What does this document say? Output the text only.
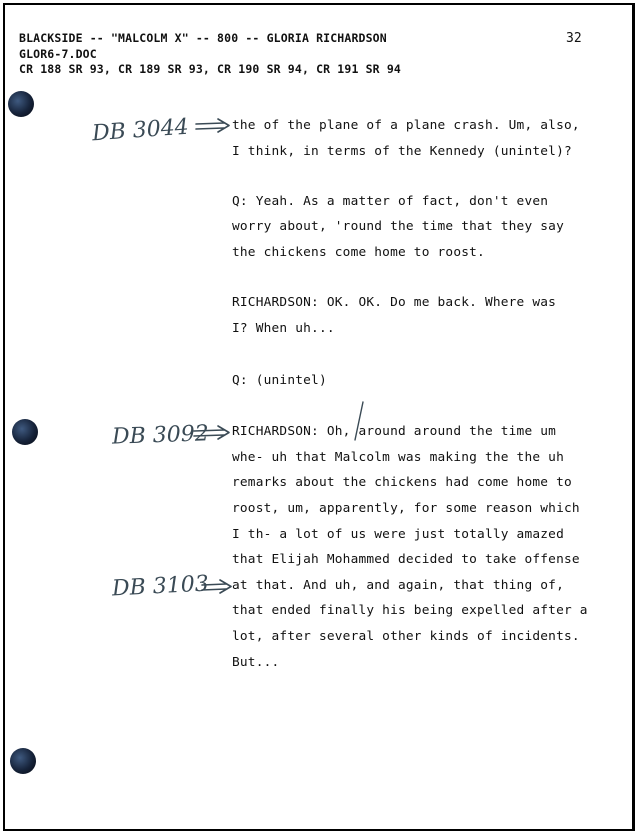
BLACKSIDE -- "MALCOLM X" -- 800 -- GLORIA RICHARDSON
GLOR6-7.DOC
CR 188 SR 93, CR 189 SR 93, CR 190 SR 94, CR 191 SR 94
32
the of the plane of a plane crash. Um, also,
I think, in terms of the Kennedy (unintel)?
Q: Yeah. As a matter of fact, don't even
worry about, 'round the time that they say
the chickens come home to roost.
RICHARDSON: OK. OK. Do me back. Where was
I? When uh...
Q: (unintel)
RICHARDSON: Oh, around around the time um
whe- uh that Malcolm was making the the uh
remarks about the chickens had come home to
roost, um, apparently, for some reason which
I th- a lot of us were just totally amazed
that Elijah Mohammed decided to take offense
at that. And uh, and again, that thing of,
that ended finally his being expelled after a
lot, after several other kinds of incidents.
But...
DB 3044
DB 3092
DB 3103
